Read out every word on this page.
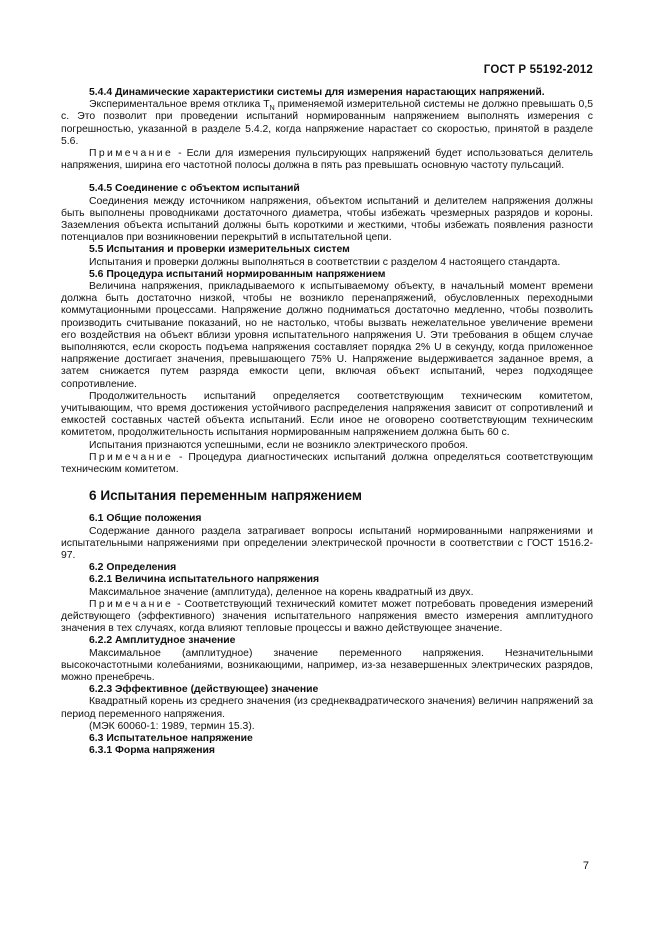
ГОСТ Р 55192-2012

5.4.4 Динамические характеристики системы для измерения нарастающих напряжений.

Экспериментальное время отклика $T_N$ применяемой измерительной системы не должно превышать 0,5 с. Это позволит при проведении испытаний нормированным напряжением выполнять измерения с погрешностью, указанной в разделе 5.4.2, когда напряжение нарастает со скоростью, принятой в разделе 5.6.

Примечание - Если для измерения пульсирующих напряжений будет использоваться делитель напряжения, ширина его частотной полосы должна в пять раз превышать основную частоту пульсаций.

5.4.5 Соединение с объектом испытаний

Соединения между источником напряжения, объектом испытаний и делителем напряжения должны быть выполнены проводниками достаточного диаметра, чтобы избежать чрезмерных разрядов и короны. Заземления объекта испытаний должны быть короткими и жесткими, чтобы избежать появления разности потенциалов при возникновении перекрытий в испытательной цепи.

5.5 Испытания и проверки измерительных систем

Испытания и проверки должны выполняться в соответствии с разделом 4 настоящего стандарта.

5.6 Процедура испытаний нормированным напряжением

Величина напряжения, прикладываемого к испытываемому объекту, в начальный момент времени должна быть достаточно низкой, чтобы не возникло перенапряжений, обусловленных переходными коммутационными процессами. Напряжение должно подниматься достаточно медленно, чтобы позволить производить считывание показаний, но не настолько, чтобы вызвать нежелательное увеличение времени его воздействия на объект вблизи уровня испытательного напряжения U. Эти требования в общем случае выполняются, если скорость подъема напряжения составляет порядка 2% U в секунду, когда приложенное напряжение достигает значения, превышающего 75% U. Напряжение выдерживается заданное время, а затем снижается путем разряда емкости цепи, включая объект испытаний, через подходящее сопротивление.

Продолжительность испытаний определяется соответствующим техническим комитетом, учитывающим, что время достижения устойчивого распределения напряжения зависит от сопротивлений и емкостей составных частей объекта испытаний. Если иное не оговорено соответствующим техническим комитетом, продолжительность испытания нормированным напряжением должна быть 60 с.

Испытания признаются успешными, если не возникло электрического пробоя.

Примечание - Процедура диагностических испытаний должна определяться соответствующим техническим комитетом.

6 Испытания переменным напряжением

6.1 Общие положения

Содержание данного раздела затрагивает вопросы испытаний нормированными напряжениями и испытательными напряжениями при определении электрической прочности в соответствии с ГОСТ 1516.2-97.

6.2 Определения

6.2.1 Величина испытательного напряжения

Максимальное значение (амплитуда), деленное на корень квадратный из двух.

Примечание - Соответствующий технический комитет может потребовать проведения измерений действующего (эффективного) значения испытательного напряжения вместо измерения амплитудного значения в тех случаях, когда влияют тепловые процессы и важно действующее значение.

6.2.2 Амплитудное значение

Максимальное (амплитудное) значение переменного напряжения. Незначительными высокочастотными колебаниями, возникающими, например, из-за незавершенных электрических разрядов, можно пренебречь.

6.2.3 Эффективное (действующее) значение

Квадратный корень из среднего значения (из среднеквадратического значения) величин напряжений за период переменного напряжения.

(МЭК 60060-1: 1989, термин 15.3).

6.3 Испытательное напряжение

6.3.1 Форма напряжения

7
